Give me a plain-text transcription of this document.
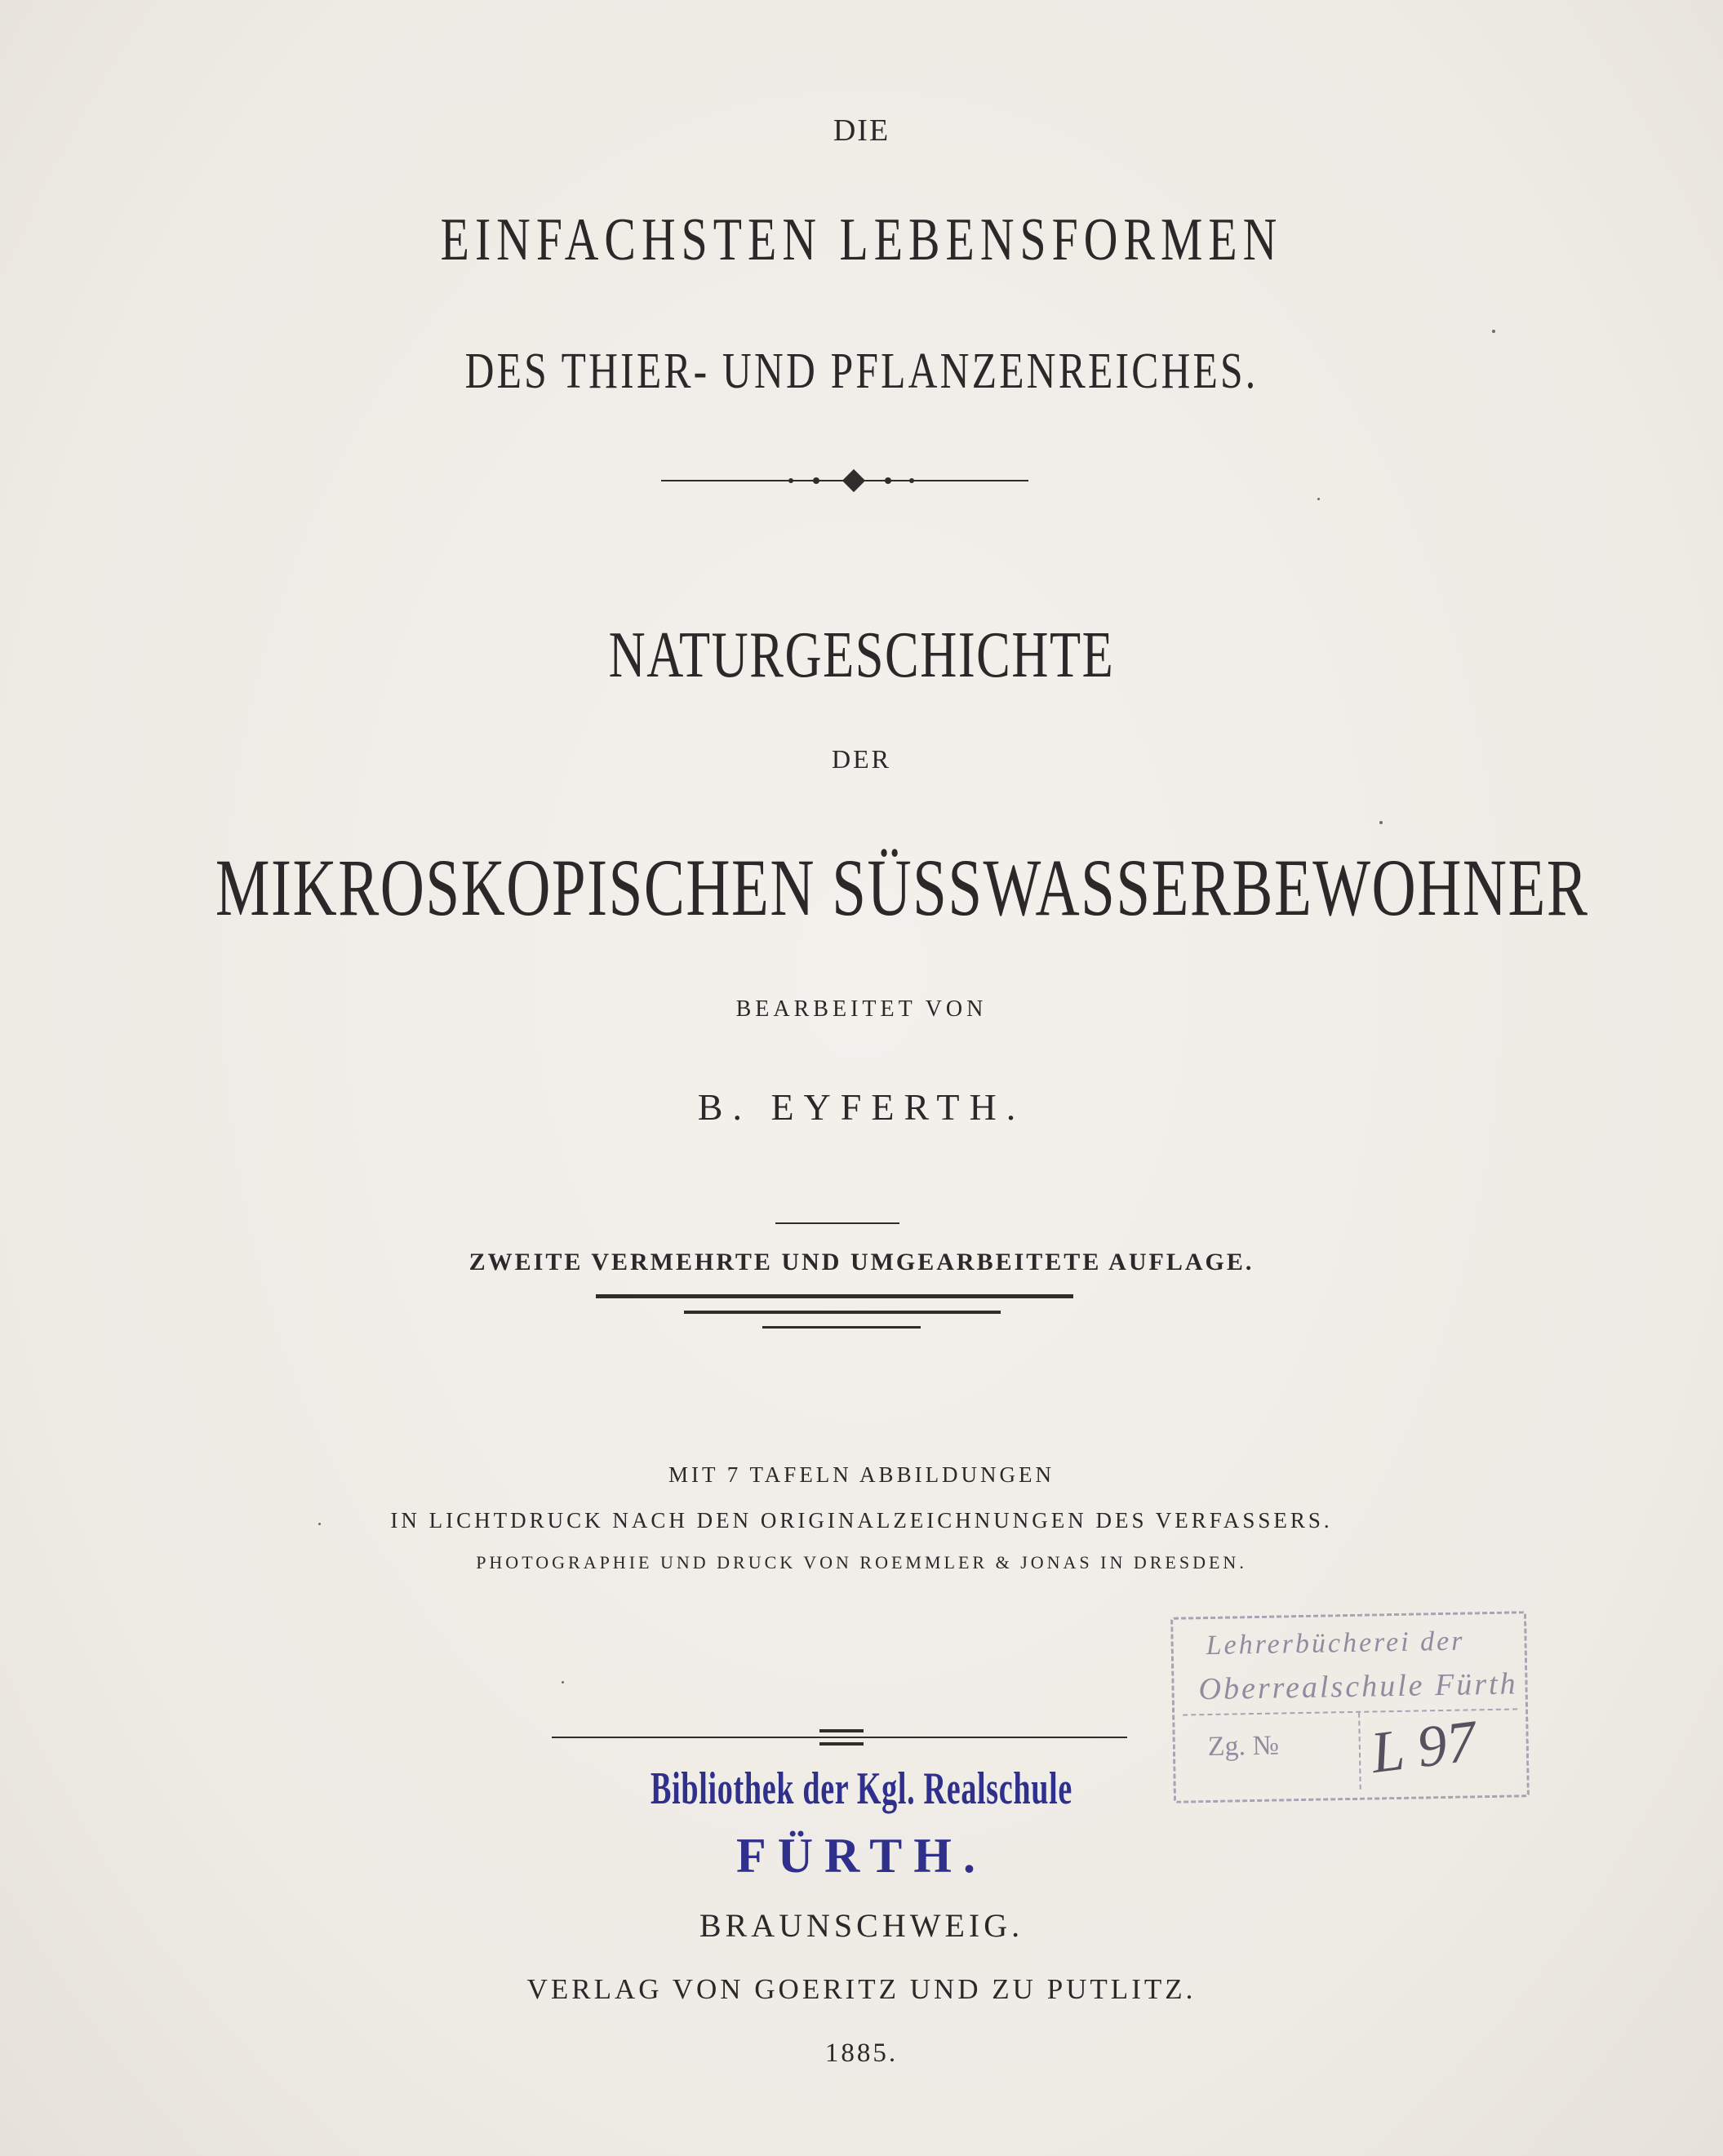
DIE
EINFACHSTEN LEBENSFORMEN
DES THIER- UND PFLANZENREICHES.
NATURGESCHICHTE
DER
MIKROSKOPISCHEN SÜSSWASSERBEWOHNER
BEARBEITET VON
B. EYFERTH.
ZWEITE VERMEHRTE UND UMGEARBEITETE AUFLAGE.
MIT 7 TAFELN ABBILDUNGEN
IN LICHTDRUCK NACH DEN ORIGINALZEICHNUNGEN DES VERFASSERS.
PHOTOGRAPHIE UND DRUCK VON ROEMMLER & JONAS IN DRESDEN.
Bibliothek der Kgl. Realschule
FÜRTH.
BRAUNSCHWEIG.
VERLAG VON GOERITZ UND ZU PUTLITZ.
1885.
Lehrerbücherei der
Oberrealschule Fürth
Zg. № L 97
